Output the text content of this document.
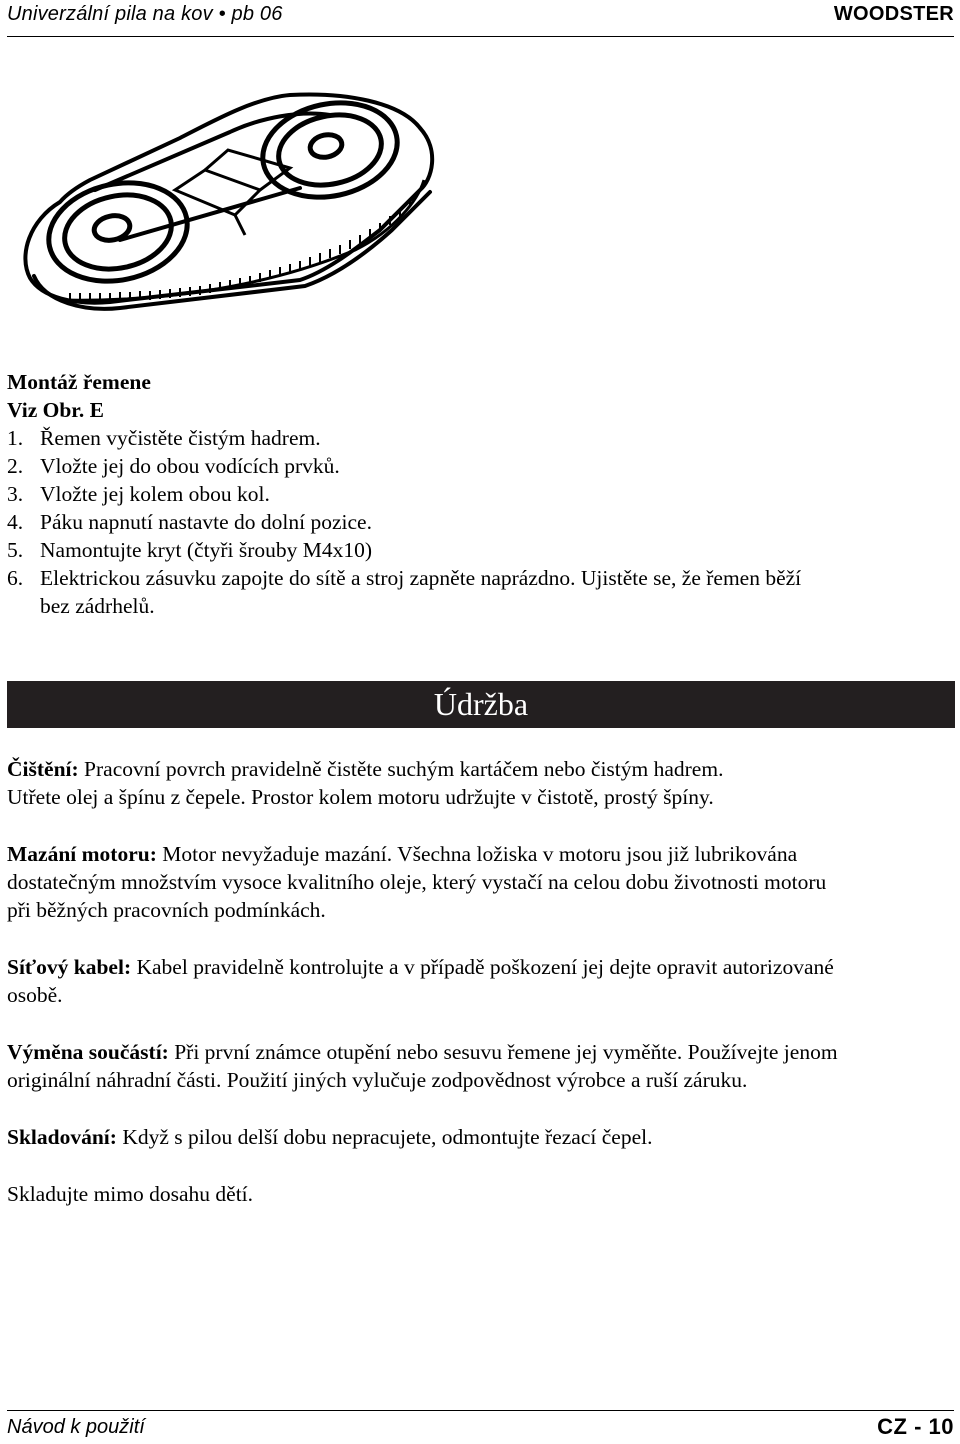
Univerzální pila na kov • pb 06	WOODSTER
Montáž řemene
Viz Obr. E
1. Řemen vyčistěte čistým hadrem.
2. Vložte jej do obou vodících prvků.
3. Vložte jej kolem obou kol.
4. Páku napnutí nastavte do dolní pozice.
5. Namontujte kryt (čtyři šrouby M4x10)
6. Elektrickou zásuvku zapojte do sítě a stroj zapněte naprázdno. Ujistěte se, že řemen běží
bez zádrhelů.
Údržba

Čištění: Pracovní povrch pravidelně čistěte suchým kartáčem nebo čistým hadrem.
Utřete olej a špínu z čepele. Prostor kolem motoru udržujte v čistotě, prostý špíny.

Mazání motoru: Motor nevyžaduje mazání. Všechna ložiska v motoru jsou již lubrikována
dostatečným množstvím vysoce kvalitního oleje, který vystačí na celou dobu životnosti motoru
při běžných pracovních podmínkách.

Síťový kabel: Kabel pravidelně kontrolujte a v případě poškození jej dejte opravit autorizované
osobě.

Výměna součástí: Při první známce otupění nebo sesuvu řemene jej vyměňte. Používejte jenom
originální náhradní části. Použití jiných vylučuje zodpovědnost výrobce a ruší záruku.

Skladování: Když s pilou delší dobu nepracujete, odmontujte řezací čepel.

Skladujte mimo dosahu dětí.

Návod k použití	CZ - 10
